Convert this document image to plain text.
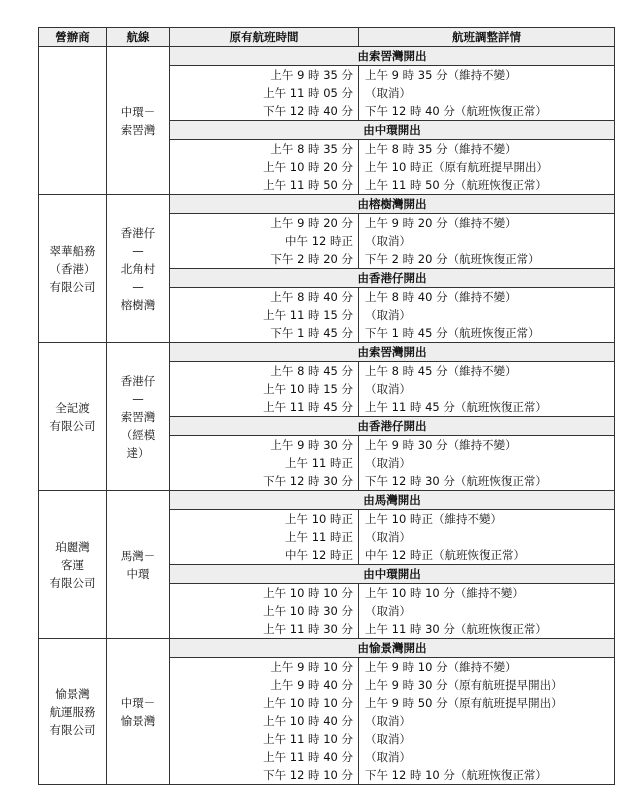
營辦商	航線	原有航班時間	航班調整詳情

	中環－
索罟灣	由索罟灣開出	
		上午 9 時 35 分	上午 9 時 35 分（維持不變）
		上午 11 時 05 分	（取消）
		下午 12 時 40 分	下午 12 時 40 分（航班恢復正常）
		由中環開出	
		上午 8 時 35 分	上午 8 時 35 分（維持不變）
		上午 10 時 20 分	上午 10 時正（原有航班提早開出）
		上午 11 時 50 分	上午 11 時 50 分（航班恢復正常）

翠華船務
（香港）
有限公司	香港仔
—
北角村
—
榕樹灣	由榕樹灣開出	
		上午 9 時 20 分	上午 9 時 20 分（維持不變）
		中午 12 時正	（取消）
		下午 2 時 20 分	下午 2 時 20 分（航班恢復正常）
		由香港仔開出	
		上午 8 時 40 分	上午 8 時 40 分（維持不變）
		上午 11 時 15 分	（取消）
		下午 1 時 45 分	下午 1 時 45 分（航班恢復正常）

全記渡
有限公司	香港仔
—
索罟灣
（經模
達）	由索罟灣開出	
		上午 8 時 45 分	上午 8 時 45 分（維持不變）
		上午 10 時 15 分	（取消）
		上午 11 時 45 分	上午 11 時 45 分（航班恢復正常）
		由香港仔開出	
		上午 9 時 30 分	上午 9 時 30 分（維持不變）
		上午 11 時正	（取消）
		下午 12 時 30 分	下午 12 時 30 分（航班恢復正常）

珀麗灣
客運
有限公司	馬灣－
中環	由馬灣開出	
		上午 10 時正	上午 10 時正（維持不變）
		上午 11 時正	（取消）
		中午 12 時正	中午 12 時正（航班恢復正常）
		由中環開出	
		上午 10 時 10 分	上午 10 時 10 分（維持不變）
		上午 10 時 30 分	（取消）
		上午 11 時 30 分	上午 11 時 30 分（航班恢復正常）

愉景灣
航運服務
有限公司	中環－
愉景灣	由愉景灣開出	
		上午 9 時 10 分	上午 9 時 10 分（維持不變）
		上午 9 時 40 分	上午 9 時 30 分（原有航班提早開出）
		上午 10 時 10 分	上午 9 時 50 分（原有航班提早開出）
		上午 10 時 40 分	（取消）
		上午 11 時 10 分	（取消）
		上午 11 時 40 分	（取消）
		下午 12 時 10 分	下午 12 時 10 分（航班恢復正常）
